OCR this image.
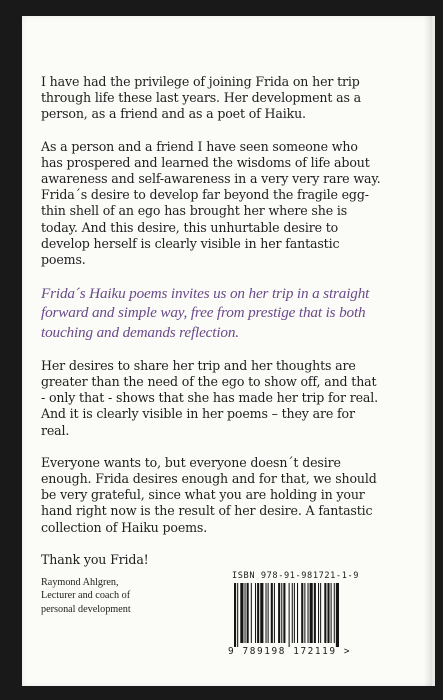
I have had the privilege of joining Frida on her trip through life these last years. Her development as a person, as a friend and as a poet of Haiku.

As a person and a friend I have seen someone who has prospered and learned the wisdoms of life about awareness and self-awareness in a very very rare way. Frida´s desire to develop far beyond the fragile egg-thin shell of an ego has brought her where she is today. And this desire, this unhurtable desire to develop herself is clearly visible in her fantastic poems.

Frida´s Haiku poems invites us on her trip in a straight forward and simple way, free from prestige that is both touching and demands reflection.

Her desires to share her trip and her thoughts are greater than the need of the ego to show off, and that - only that - shows that she has made her trip for real. And it is clearly visible in her poems – they are for real.

Everyone wants to, but everyone doesn´t desire enough. Frida desires enough and for that, we should be very grateful, since what you are holding in your hand right now is the result of her desire. A fantastic collection of Haiku poems.

Thank you Frida!

Raymond Ahlgren,
Lecturer and coach of
personal development
ISBN 978-91-981721-1-9
9 789198 172119 >
